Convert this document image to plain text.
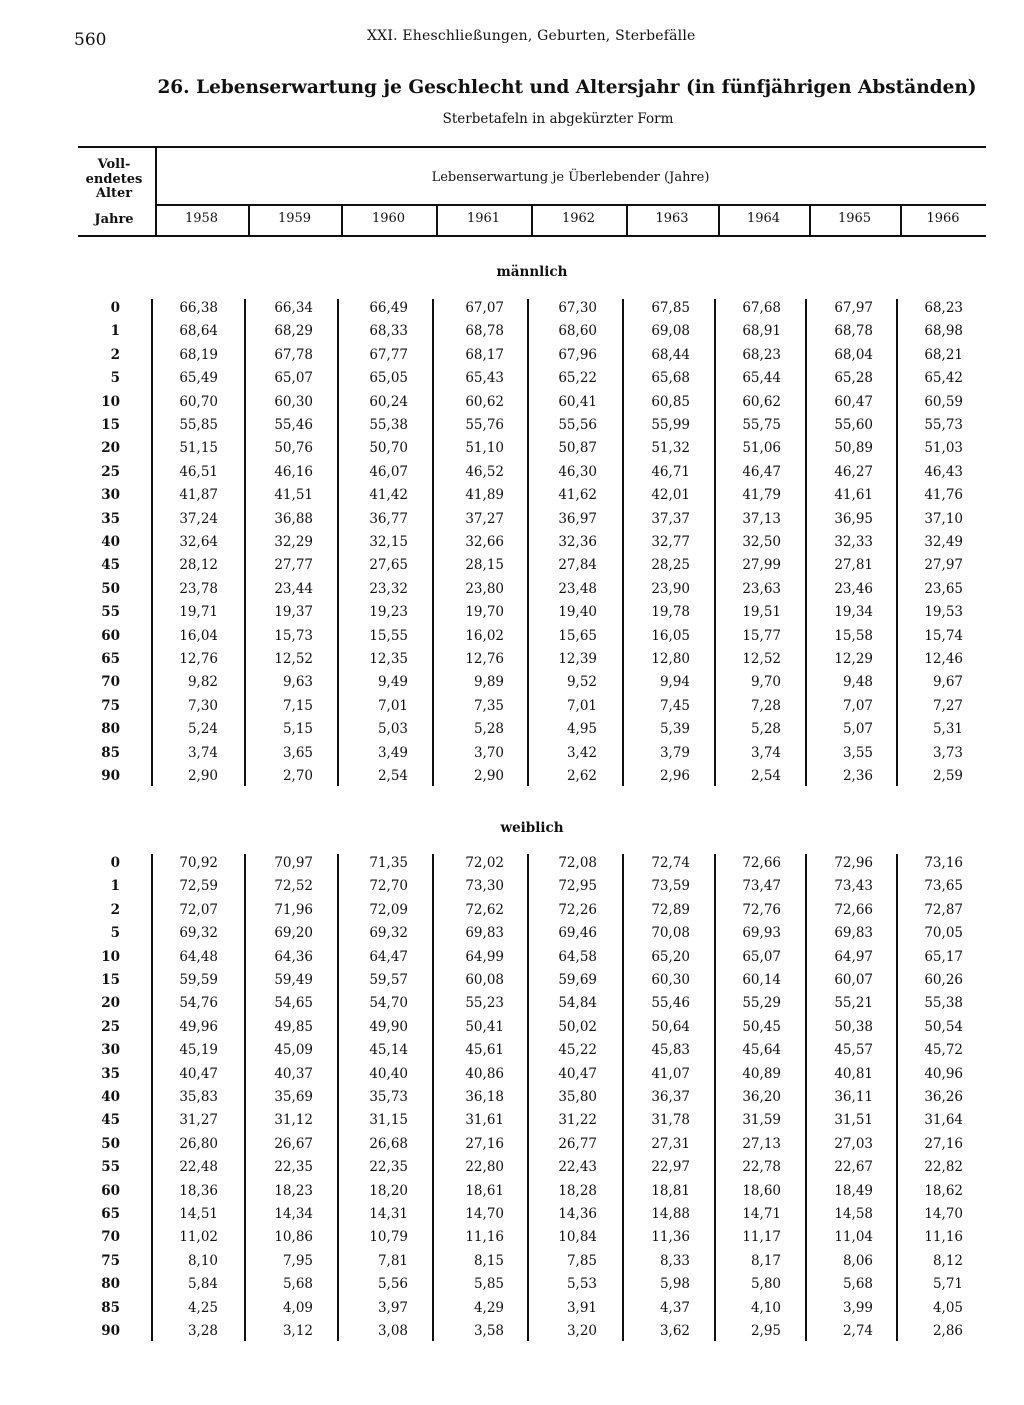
560	XXI. Eheschließungen, Geburten, Sterbefälle
26. Lebenserwartung je Geschlecht und Altersjahr (in fünfjährigen Abständen)
Sterbetafeln in abgekürzter Form
Voll-
endetes
Alter
Jahre
Lebenserwartung je Überlebender (Jahre)
1958	1959	1960	1961	1962	1963	1964	1965	1966
männlich
0	66,38	66,34	66,49	67,07	67,30	67,85	67,68	67,97	68,23
1	68,64	68,29	68,33	68,78	68,60	69,08	68,91	68,78	68,98
2	68,19	67,78	67,77	68,17	67,96	68,44	68,23	68,04	68,21
5	65,49	65,07	65,05	65,43	65,22	65,68	65,44	65,28	65,42
10	60,70	60,30	60,24	60,62	60,41	60,85	60,62	60,47	60,59
15	55,85	55,46	55,38	55,76	55,56	55,99	55,75	55,60	55,73
20	51,15	50,76	50,70	51,10	50,87	51,32	51,06	50,89	51,03
25	46,51	46,16	46,07	46,52	46,30	46,71	46,47	46,27	46,43
30	41,87	41,51	41,42	41,89	41,62	42,01	41,79	41,61	41,76
35	37,24	36,88	36,77	37,27	36,97	37,37	37,13	36,95	37,10
40	32,64	32,29	32,15	32,66	32,36	32,77	32,50	32,33	32,49
45	28,12	27,77	27,65	28,15	27,84	28,25	27,99	27,81	27,97
50	23,78	23,44	23,32	23,80	23,48	23,90	23,63	23,46	23,65
55	19,71	19,37	19,23	19,70	19,40	19,78	19,51	19,34	19,53
60	16,04	15,73	15,55	16,02	15,65	16,05	15,77	15,58	15,74
65	12,76	12,52	12,35	12,76	12,39	12,80	12,52	12,29	12,46
70	9,82	9,63	9,49	9,89	9,52	9,94	9,70	9,48	9,67
75	7,30	7,15	7,01	7,35	7,01	7,45	7,28	7,07	7,27
80	5,24	5,15	5,03	5,28	4,95	5,39	5,28	5,07	5,31
85	3,74	3,65	3,49	3,70	3,42	3,79	3,74	3,55	3,73
90	2,90	2,70	2,54	2,90	2,62	2,96	2,54	2,36	2,59
weiblich
0	70,92	70,97	71,35	72,02	72,08	72,74	72,66	72,96	73,16
1	72,59	72,52	72,70	73,30	72,95	73,59	73,47	73,43	73,65
2	72,07	71,96	72,09	72,62	72,26	72,89	72,76	72,66	72,87
5	69,32	69,20	69,32	69,83	69,46	70,08	69,93	69,83	70,05
10	64,48	64,36	64,47	64,99	64,58	65,20	65,07	64,97	65,17
15	59,59	59,49	59,57	60,08	59,69	60,30	60,14	60,07	60,26
20	54,76	54,65	54,70	55,23	54,84	55,46	55,29	55,21	55,38
25	49,96	49,85	49,90	50,41	50,02	50,64	50,45	50,38	50,54
30	45,19	45,09	45,14	45,61	45,22	45,83	45,64	45,57	45,72
35	40,47	40,37	40,40	40,86	40,47	41,07	40,89	40,81	40,96
40	35,83	35,69	35,73	36,18	35,80	36,37	36,20	36,11	36,26
45	31,27	31,12	31,15	31,61	31,22	31,78	31,59	31,51	31,64
50	26,80	26,67	26,68	27,16	26,77	27,31	27,13	27,03	27,16
55	22,48	22,35	22,35	22,80	22,43	22,97	22,78	22,67	22,82
60	18,36	18,23	18,20	18,61	18,28	18,81	18,60	18,49	18,62
65	14,51	14,34	14,31	14,70	14,36	14,88	14,71	14,58	14,70
70	11,02	10,86	10,79	11,16	10,84	11,36	11,17	11,04	11,16
75	8,10	7,95	7,81	8,15	7,85	8,33	8,17	8,06	8,12
80	5,84	5,68	5,56	5,85	5,53	5,98	5,80	5,68	5,71
85	4,25	4,09	3,97	4,29	3,91	4,37	4,10	3,99	4,05
90	3,28	3,12	3,08	3,58	3,20	3,62	2,95	2,74	2,86
